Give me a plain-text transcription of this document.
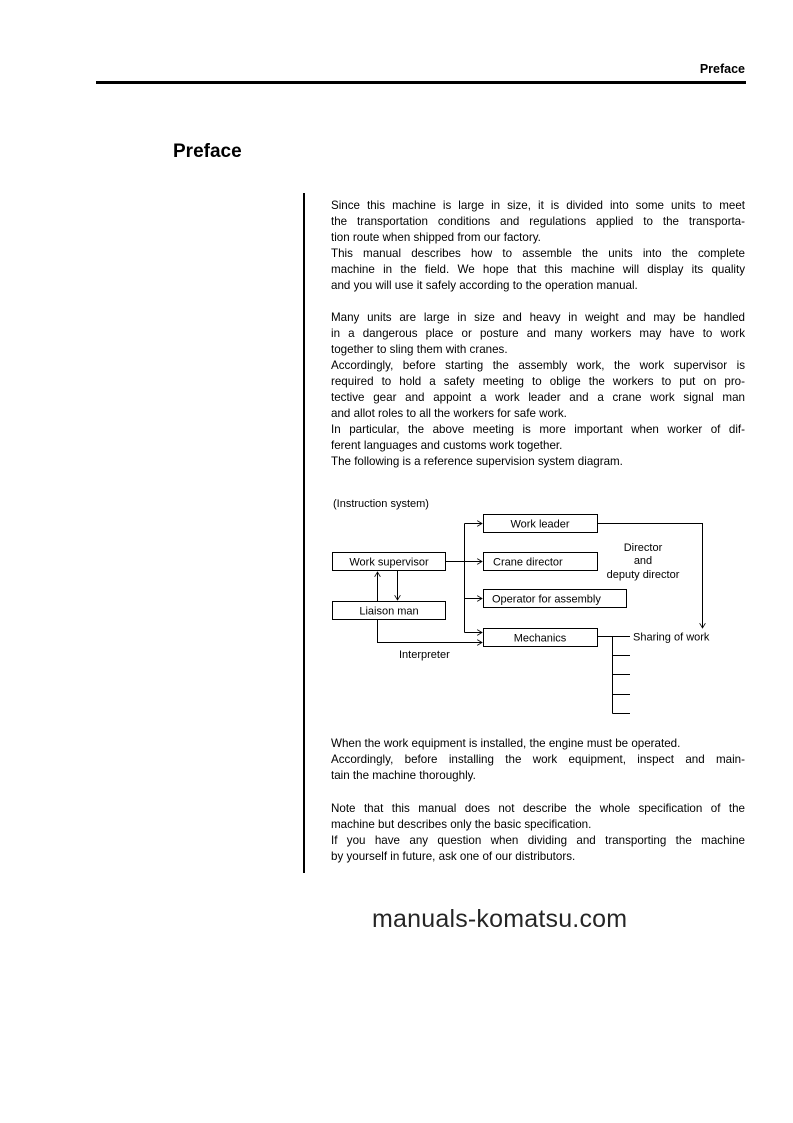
Preface
Preface
Since this machine is large in size, it is divided into some units to meet
the transportation conditions and regulations applied to the transporta-
tion route when shipped from our factory.
This manual describes how to assemble the units into the complete
machine in the field. We hope that this machine will display its quality
and you will use it safely according to the operation manual.
Many units are large in size and heavy in weight and may be handled
in a dangerous place or posture and many workers may have to work
together to sling them with cranes.
Accordingly, before starting the assembly work, the work supervisor is
required to hold a safety meeting to oblige the workers to put on pro-
tective gear and appoint a work leader and a crane work signal man
and allot roles to all the workers for safe work.
In particular, the above meeting is more important when worker of dif-
ferent languages and customs work together.
The following is a reference supervision system diagram.
(Instruction system)
Work supervisor
Liaison man
Work leader
Crane director
Operator for assembly
Mechanics
Director
and
deputy director
Sharing of work
Interpreter
When the work equipment is installed, the engine must be operated.
Accordingly, before installing the work equipment, inspect and main-
tain the machine thoroughly.
Note that this manual does not describe the whole specification of the
machine but describes only the basic specification.
If you have any question when dividing and transporting the machine
by yourself in future, ask one of our distributors.
manuals-komatsu.com
